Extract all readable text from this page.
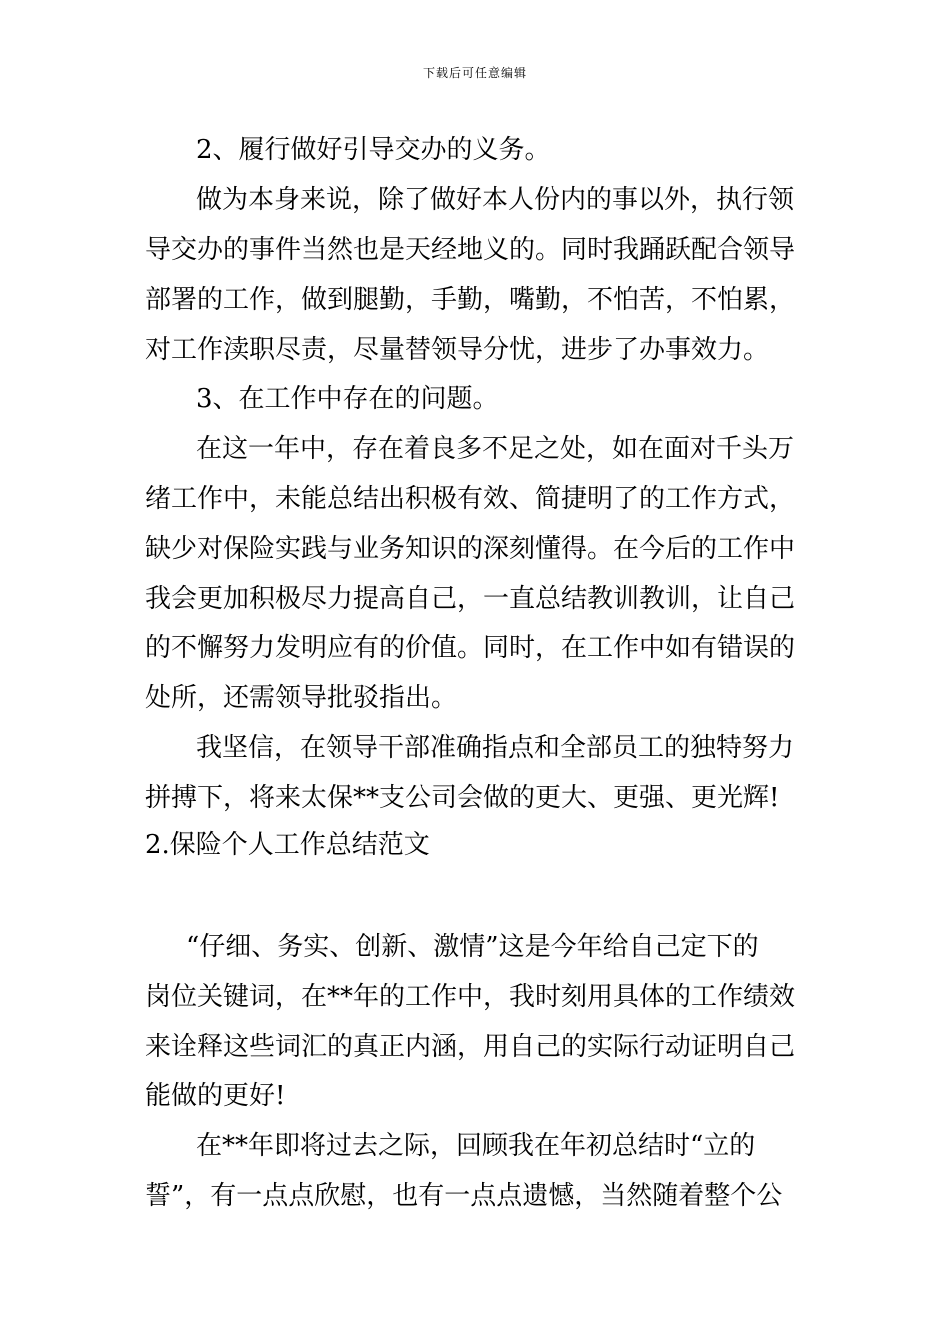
下载后可任意编辑
2、履行做好引导交办的义务。
做为本身来说，除了做好本人份内的事以外，执行领
导交办的事件当然也是天经地义的。同时我踊跃配合领导
部署的工作，做到腿勤，手勤，嘴勤，不怕苦，不怕累，
对工作渎职尽责，尽量替领导分忧，进步了办事效力。
3、在工作中存在的问题。
在这一年中，存在着良多不足之处，如在面对千头万
绪工作中，未能总结出积极有效、简捷明了的工作方式，
缺少对保险实践与业务知识的深刻懂得。在今后的工作中
我会更加积极尽力提高自己，一直总结教训教训，让自己
的不懈努力发明应有的价值。同时，在工作中如有错误的
处所，还需领导批驳指出。
我坚信，在领导干部准确指点和全部员工的独特努力
拼搏下，将来太保**支公司会做的更大、更强、更光辉!
2.保险个人工作总结范文
“仔细、务实、创新、激情”这是今年给自己定下的
岗位关键词，在**年的工作中，我时刻用具体的工作绩效
来诠释这些词汇的真正内涵，用自己的实际行动证明自己
能做的更好!
在**年即将过去之际，回顾我在年初总结时“立的
誓”，有一点点欣慰，也有一点点遗憾，当然随着整个公
